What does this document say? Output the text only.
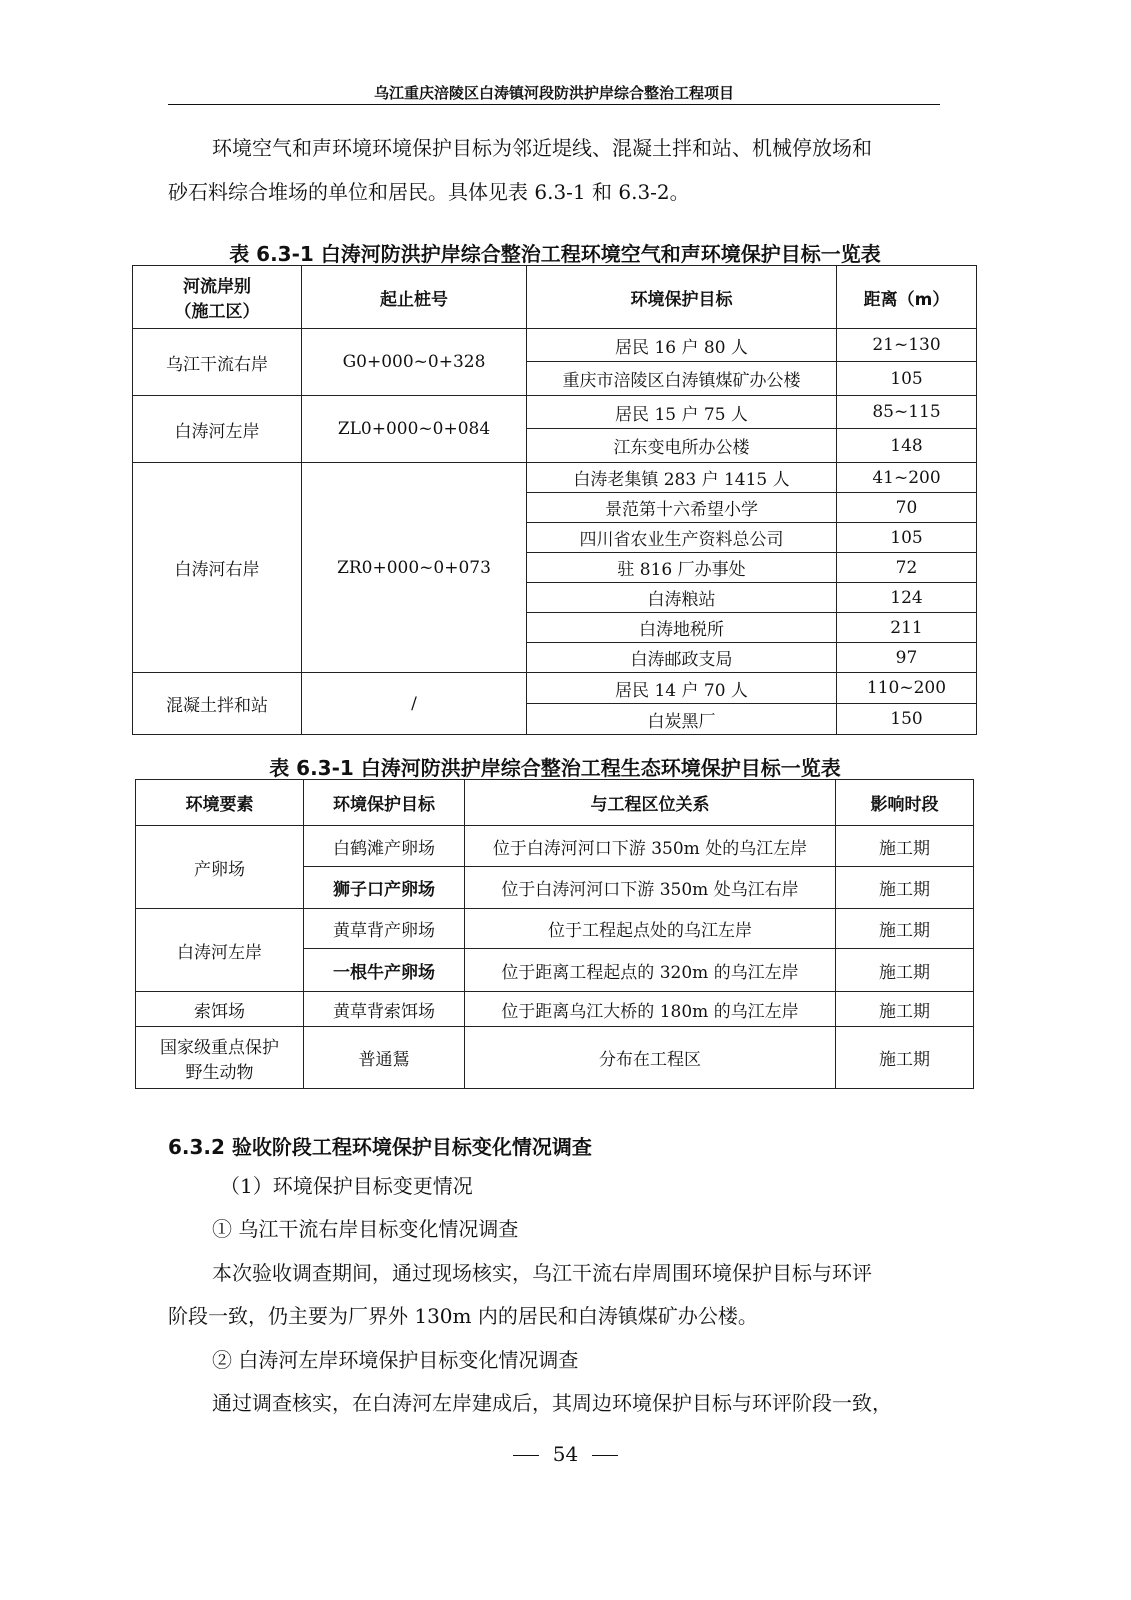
乌江重庆涪陵区白涛镇河段防洪护岸综合整治工程项目
环境空气和声环境环境保护目标为邻近堤线、混凝土拌和站、机械停放场和
砂石料综合堆场的单位和居民。具体见表 6.3-1 和 6.3-2。
表 6.3-1 白涛河防洪护岸综合整治工程环境空气和声环境保护目标一览表
河流岸别
（施工区）	起止桩号	环境保护目标	距离（m）
乌江干流右岸	G0+000~0+328	居民 16 户 80 人	21~130
		重庆市涪陵区白涛镇煤矿办公楼	105
白涛河左岸	ZL0+000~0+084	居民 15 户 75 人	85~115
		江东变电所办公楼	148
白涛河右岸	ZR0+000~0+073	白涛老集镇 283 户 1415 人	41~200
		景范第十六希望小学	70
		四川省农业生产资料总公司	105
		驻 816 厂办事处	72
		白涛粮站	124
		白涛地税所	211
		白涛邮政支局	97
混凝土拌和站	/	居民 14 户 70 人	110~200
		白炭黑厂	150
表 6.3-1 白涛河防洪护岸综合整治工程生态环境保护目标一览表
环境要素	环境保护目标	与工程区位关系	影响时段
产卵场	白鹤滩产卵场	位于白涛河河口下游 350m 处的乌江左岸	施工期
	狮子口产卵场	位于白涛河河口下游 350m 处乌江右岸	施工期
白涛河左岸	黄草背产卵场	位于工程起点处的乌江左岸	施工期
	一根牛产卵场	位于距离工程起点的 320m 的乌江左岸	施工期
索饵场	黄草背索饵场	位于距离乌江大桥的 180m 的乌江左岸	施工期
国家级重点保护
野生动物	普通鵟	分布在工程区	施工期
6.3.2 验收阶段工程环境保护目标变化情况调查
（1）环境保护目标变更情况
① 乌江干流右岸目标变化情况调查
本次验收调查期间，通过现场核实，乌江干流右岸周围环境保护目标与环评
阶段一致，仍主要为厂界外 130m 内的居民和白涛镇煤矿办公楼。
② 白涛河左岸环境保护目标变化情况调查
通过调查核实，在白涛河左岸建成后，其周边环境保护目标与环评阶段一致，
54
